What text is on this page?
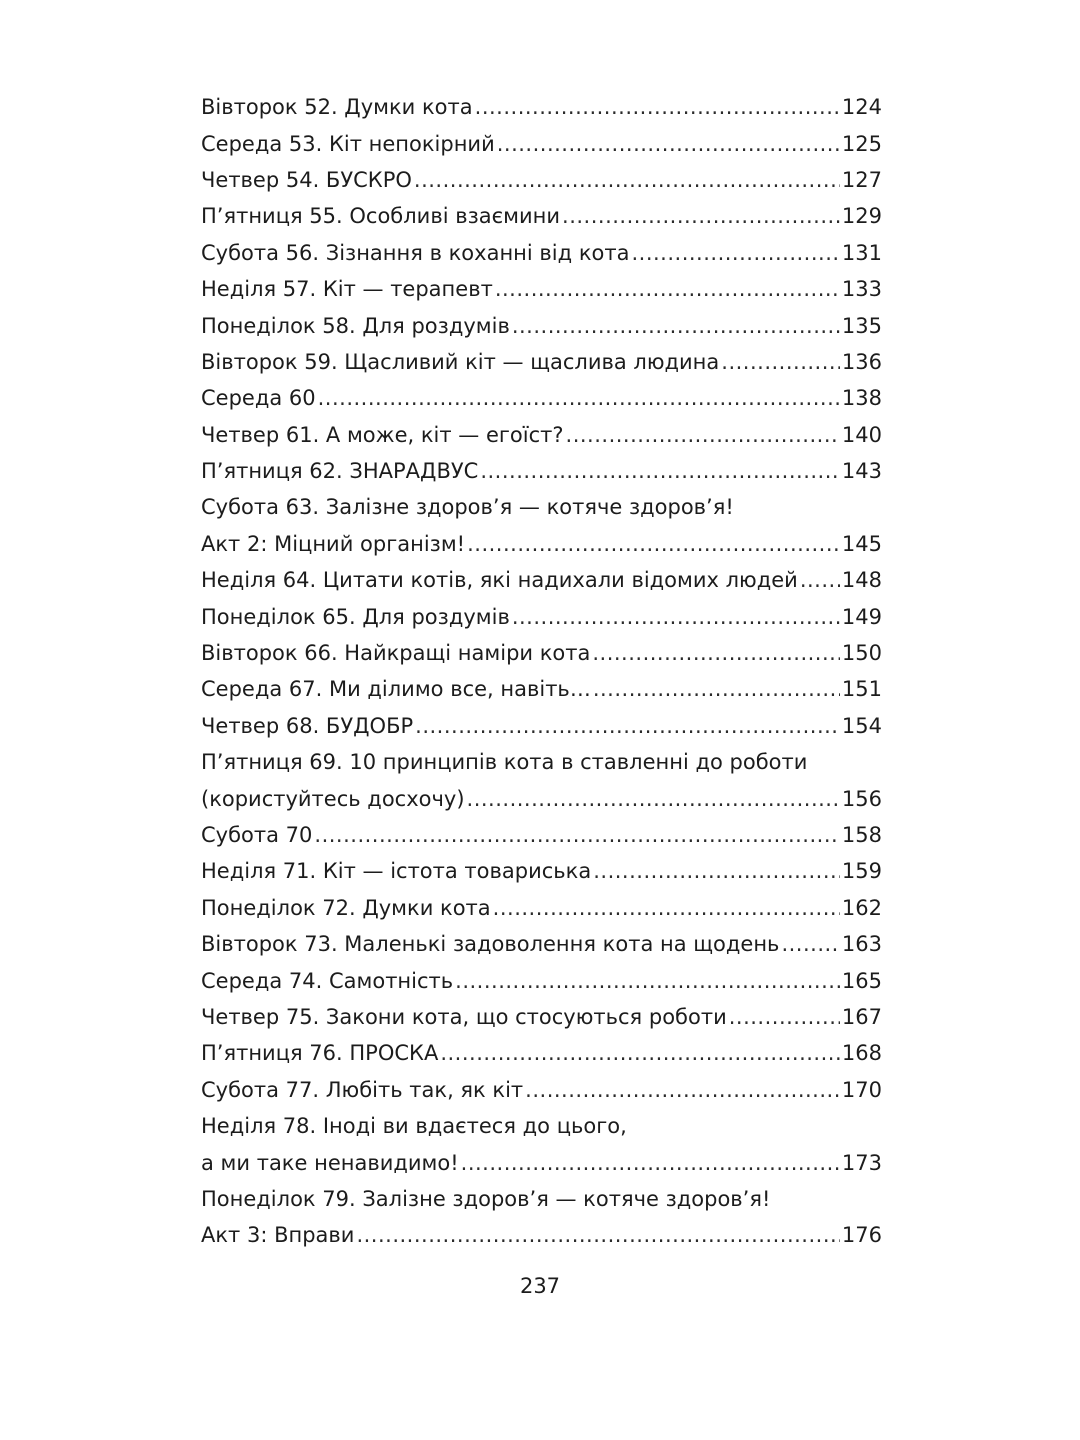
Вівторок 52. Думки кота .....	124
Середа 53. Кіт непокірний .....	125
Четвер 54. БУСКРО .....	127
П’ятниця 55. Особливі взаємини .....	129
Субота 56. Зізнання в коханні від кота .....	131
Неділя 57. Кіт — терапевт .....	133
Понеділок 58. Для роздумів .....	135
Вівторок 59. Щасливий кіт — щаслива людина .....	136
Середа 60 .....	138
Четвер 61. А може, кіт — егоїст? .....	140
П’ятниця 62. ЗНАРАДВУС .....	143
Субота 63. Залізне здоров’я — котяче здоров’я!
Акт 2: Міцний організм! .....	145
Неділя 64. Цитати котів, які надихали відомих людей ..... 148
Понеділок 65. Для роздумів .....	149
Вівторок 66. Найкращі наміри кота .....	150
Середа 67. Ми ділимо все, навіть… .....	151
Четвер 68. БУДОБР .....	154
П’ятниця 69. 10 принципів кота в ставленні до роботи
(користуйтесь досхочу) .....	156
Субота 70 .....	158
Неділя 71. Кіт — істота товариська .....	159
Понеділок 72. Думки кота .....	162
Вівторок 73. Маленькі задоволення кота на щодень .....	163
Середа 74. Самотність .....	165
Четвер 75. Закони кота, що стосуються роботи .....	167
П’ятниця 76. ПРОСКА .....	168
Субота 77. Любіть так, як кіт .....	170
Неділя 78. Іноді ви вдаєтеся до цього,
а ми таке ненавидимо! .....	173
Понеділок 79. Залізне здоров’я — котяче здоров’я!
Акт 3: Вправи .....	176
237
